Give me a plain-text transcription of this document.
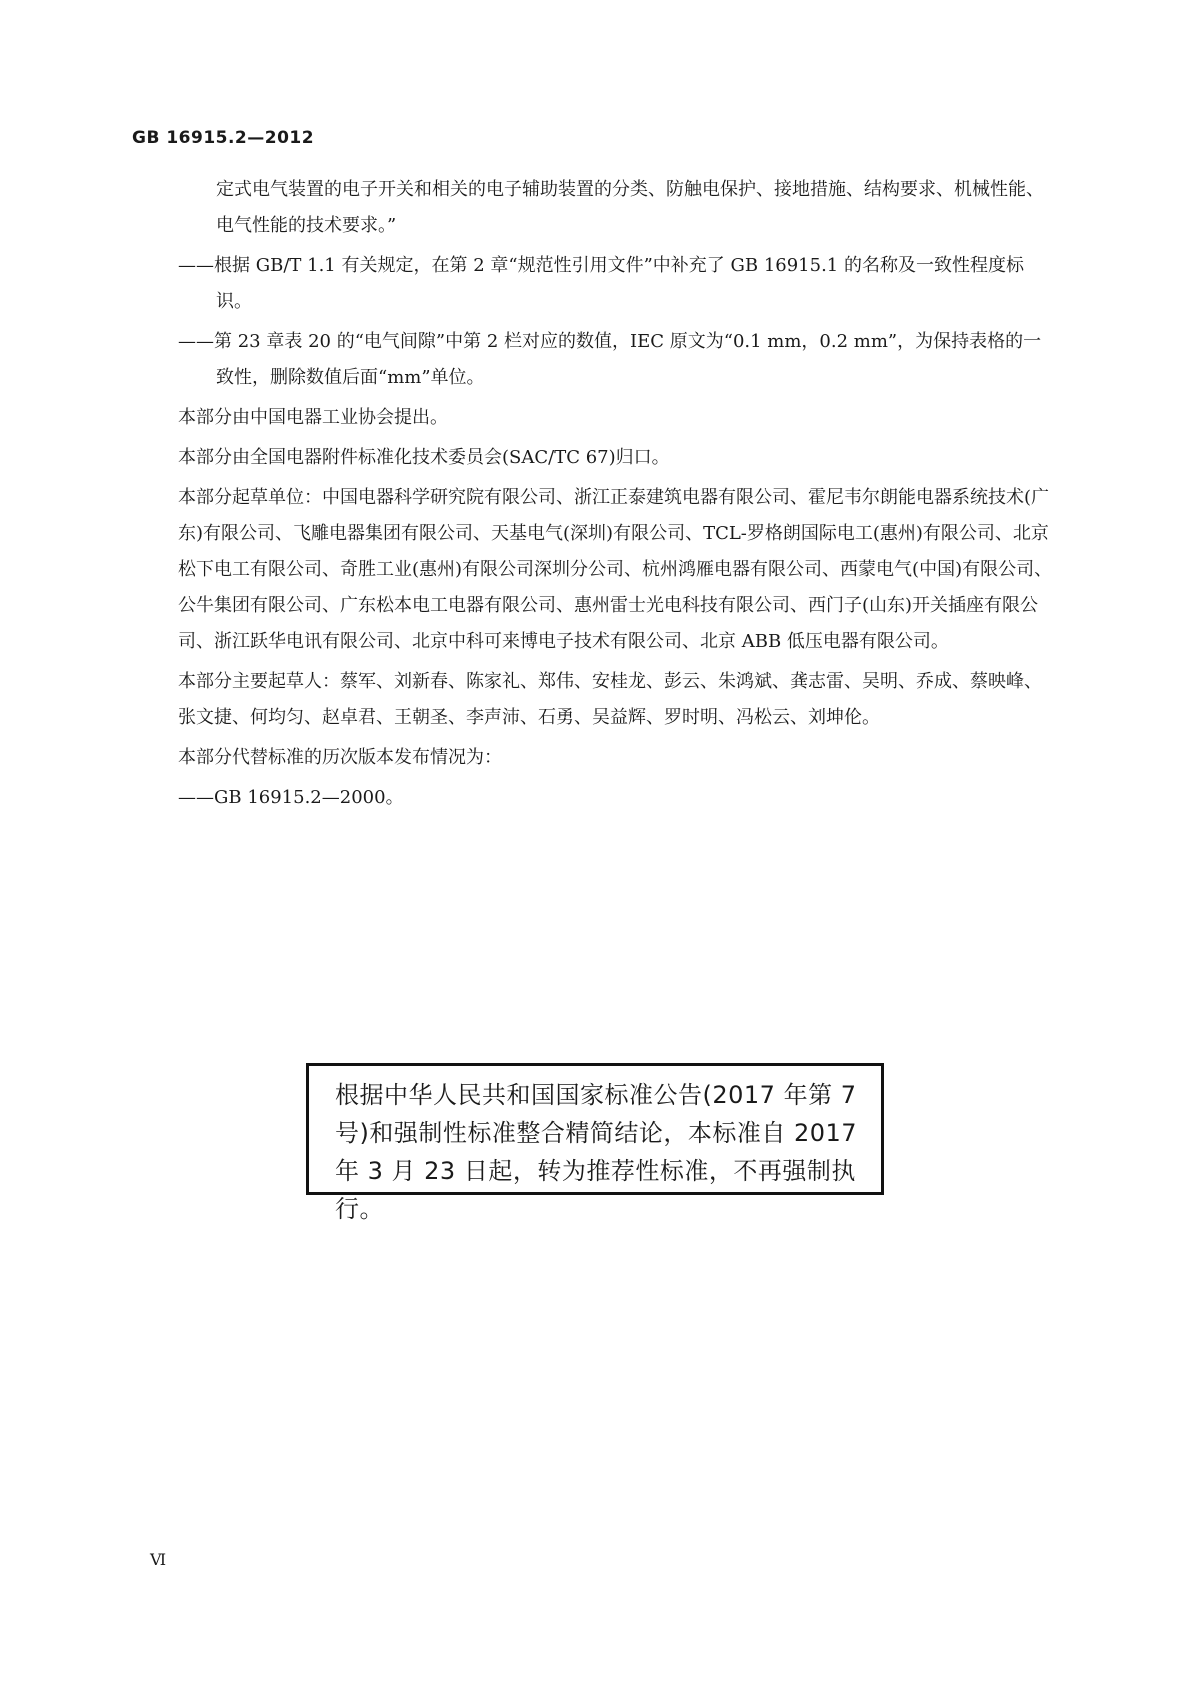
GB 16915.2—2012
定式电气装置的电子开关和相关的电子辅助装置的分类、防触电保护、接地措施、结构要求、机械性能、电气性能的技术要求。”
——根据 GB/T 1.1 有关规定，在第 2 章“规范性引用文件”中补充了 GB 16915.1 的名称及一致性程度标识。
——第 23 章表 20 的“电气间隙”中第 2 栏对应的数值，IEC 原文为“0.1 mm，0.2 mm”，为保持表格的一致性，删除数值后面“mm”单位。
本部分由中国电器工业协会提出。
本部分由全国电器附件标准化技术委员会(SAC/TC 67)归口。
本部分起草单位：中国电器科学研究院有限公司、浙江正泰建筑电器有限公司、霍尼韦尔朗能电器系统技术(广东)有限公司、飞雕电器集团有限公司、天基电气(深圳)有限公司、TCL-罗格朗国际电工(惠州)有限公司、北京松下电工有限公司、奇胜工业(惠州)有限公司深圳分公司、杭州鸿雁电器有限公司、西蒙电气(中国)有限公司、公牛集团有限公司、广东松本电工电器有限公司、惠州雷士光电科技有限公司、西门子(山东)开关插座有限公司、浙江跃华电讯有限公司、北京中科可来博电子技术有限公司、北京 ABB 低压电器有限公司。
本部分主要起草人：蔡军、刘新春、陈家礼、郑伟、安桂龙、彭云、朱鸿斌、龚志雷、吴明、乔成、蔡映峰、张文捷、何均匀、赵卓君、王朝圣、李声沛、石勇、吴益辉、罗时明、冯松云、刘坤伦。
本部分代替标准的历次版本发布情况为：
——GB 16915.2—2000。
根据中华人民共和国国家标准公告(2017 年第 7 号)和强制性标准整合精简结论，本标准自 2017 年 3 月 23 日起，转为推荐性标准，不再强制执行。
Ⅵ
